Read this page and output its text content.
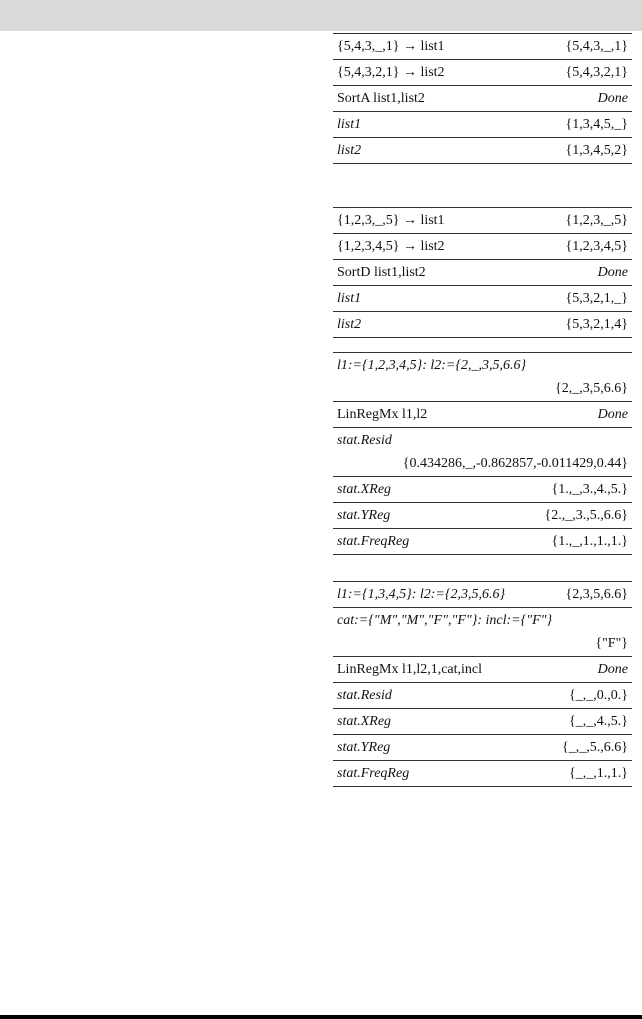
{5,4,3,_,1} → list1	{5,4,3,_,1}
{5,4,3,2,1} → list2	{5,4,3,2,1}
SortA list1,list2	Done
list1	{1,3,4,5,_}
list2	{1,3,4,5,2}
{1,2,3,_,5} → list1	{1,2,3,_,5}
{1,2,3,4,5} → list2	{1,2,3,4,5}
SortD list1,list2	Done
list1	{5,3,2,1,_}
list2	{5,3,2,1,4}
l1:={1,2,3,4,5}: l2:={2,_,3,5,6.6}
{2,_,3,5,6.6}
LinRegMx l1,l2	Done
stat.Resid
{0.434286,_,-0.862857,-0.011429,0.44}
stat.XReg	{1.,_,3.,4.,5.}
stat.YReg	{2.,_,3.,5.,6.6}
stat.FreqReg	{1.,_,1.,1.,1.}
l1:={1,3,4,5}: l2:={2,3,5,6.6}	{2,3,5,6.6}
cat:={"M","M","F","F"}: incl:={"F"}
{"F"}
LinRegMx l1,l2,1,cat,incl	Done
stat.Resid	{_,_,0.,0.}
stat.XReg	{_,_,4.,5.}
stat.YReg	{_,_,5.,6.6}
stat.FreqReg	{_,_,1.,1.}
